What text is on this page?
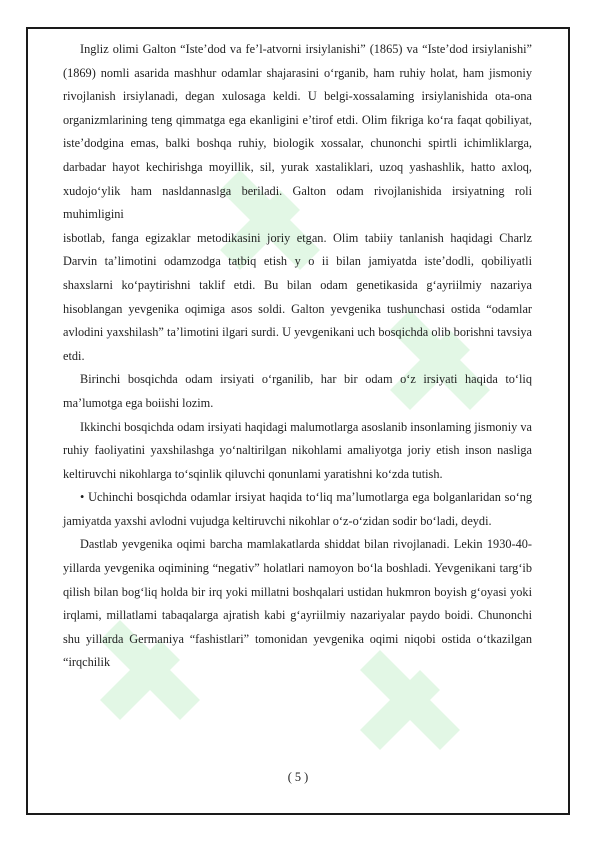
Ingliz olimi Galton “Iste’dod va fe’l-atvorni irsiylanishi” (1865) va “Iste’dod irsiylanishi” (1869) nomli asarida mashhur odamlar shajarasini o‘rganib, ham ruhiy holat, ham jismoniy rivojlanish irsiylanadi, degan xulosaga keldi. U belgi-xossalaming irsiylanishida ota-ona organizmlarining teng qimmatga ega ekanligini e’tirof etdi. Olim fikriga ko‘ra faqat qobiliyat, iste’dodgina emas, balki boshqa ruhiy, biologik xossalar, chunonchi spirtli ichimliklarga, darbadar hayot kechirishga moyillik, sil, yurak xastaliklari, uzoq yashashlik, hatto axloq, xudojo‘ylik ham nasldannaslga beriladi. Galton odam rivojlanishida irsiyatning roli muhimligini

isbotlab, fanga egizaklar metodikasini joriy etgan. Olim tabiiy tanlanish haqidagi Charlz Darvin ta’limotini odamzodga tatbiq etish y o ii bilan jamiyatda iste’dodli, qobiliyatli shaxslarni ko‘paytirishni taklif etdi. Bu bilan odam genetikasida g‘ayriilmiy nazariya hisoblangan yevgenika oqimiga asos soldi. Galton yevgenika tushunchasi ostida “odamlar avlodini yaxshilash” ta’limotini ilgari surdi. U yevgenikani uch bosqichda olib borishni tavsiya etdi.

Birinchi bosqichda odam irsiyati o‘rganilib, har bir odam o‘z irsiyati haqida to‘liq ma’lumotga ega boiishi lozim.

Ikkinchi bosqichda odam irsiyati haqidagi malumotlarga asoslanib insonlaming jismoniy va ruhiy faoliyatini yaxshilashga yo‘naltirilgan nikohlami amaliyotga joriy etish inson nasliga keltiruvchi nikohlarga to‘sqinlik qiluvchi qonunlami yaratishni ko‘zda tutish.

• Uchinchi bosqichda odamlar irsiyat haqida to‘liq ma’lumotlarga ega bolganlaridan so‘ng jamiyatda yaxshi avlodni vujudga keltiruvchi nikohlar o‘z-o‘zidan sodir bo‘ladi, deydi.

Dastlab yevgenika oqimi barcha mamlakatlarda shiddat bilan rivojlanadi. Lekin 1930-40-yillarda yevgenika oqimining “negativ” holatlari namoyon bo‘la boshladi. Yevgenikani targ‘ib qilish bilan bog‘liq holda bir irq yoki millatni boshqalari ustidan hukmron boyish g‘oyasi yoki irqlami, millatlami tabaqalarga ajratish kabi g‘ayriilmiy nazariyalar paydo boidi. Chunonchi shu yillarda Germaniya “fashistlari” tomonidan yevgenika oqimi niqobi ostida o‘tkazilgan “irqchilik

( 5 )
